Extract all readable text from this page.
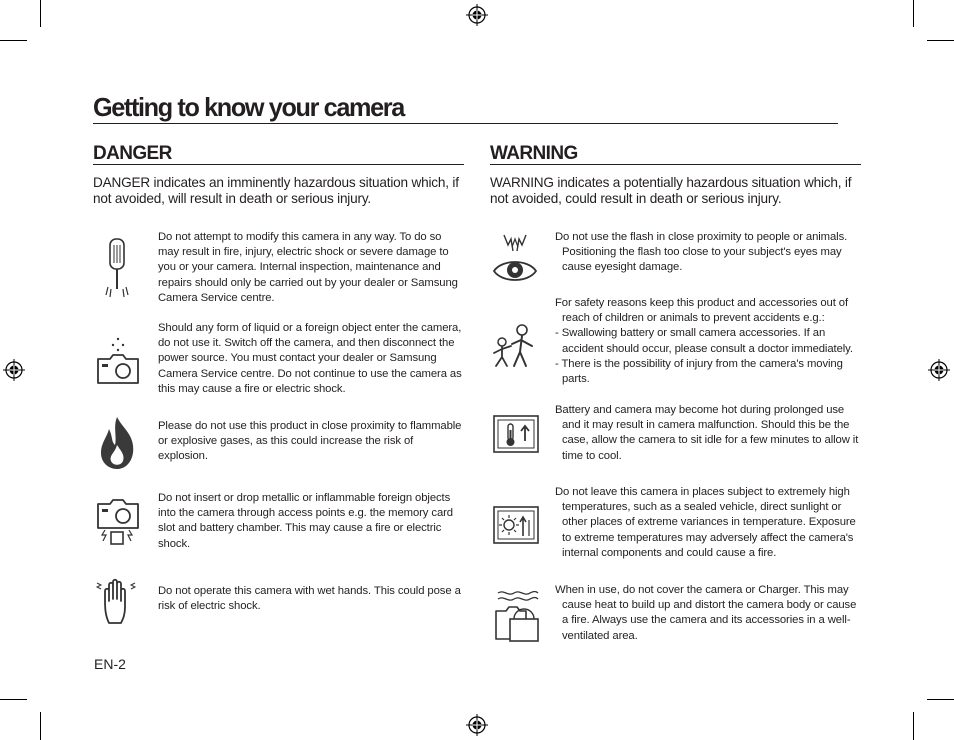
Getting to know your camera
DANGER
DANGER indicates an imminently hazardous situation which, if not avoided, will result in death or serious injury.
Do not attempt to modify this camera in any way. To do so may result in fire, injury, electric shock or severe damage to you or your camera. Internal inspection, maintenance and repairs should only be carried out by your dealer or Samsung Camera Service centre.
Should any form of liquid or a foreign object enter the camera, do not use it. Switch off the camera, and then disconnect the power source. You must contact your dealer or Samsung Camera Service centre. Do not continue to use the camera as this may cause a fire or electric shock.
Please do not use this product in close proximity to flammable or explosive gases, as this could increase the risk of explosion.
Do not insert or drop metallic or inflammable foreign objects into the camera through access points e.g. the memory card slot and battery chamber. This may cause a fire or electric shock.
Do not operate this camera with wet hands. This could pose a risk of electric shock.
WARNING
WARNING indicates a potentially hazardous situation which, if not avoided, could result in death or serious injury.
Do not use the flash in close proximity to people or animals. Positioning the flash too close to your subject's eyes may cause eyesight damage.
For safety reasons keep this product and accessories out of reach of children or animals to prevent accidents e.g.:
- Swallowing battery or small camera accessories. If an accident should occur, please consult a doctor immediately.
- There is the possibility of injury from the camera's moving parts.
Battery and camera may become hot during prolonged use and it may result in camera malfunction. Should this be the case, allow the camera to sit idle for a few minutes to allow it time to cool.
Do not leave this camera in places subject to extremely high temperatures, such as a sealed vehicle, direct sunlight or other places of extreme variances in temperature. Exposure to extreme temperatures may adversely affect the camera's internal components and could cause a fire.
When in use, do not cover the camera or Charger. This may cause heat to build up and distort the camera body or cause a fire. Always use the camera and its accessories in a well-ventilated area.
EN-2
